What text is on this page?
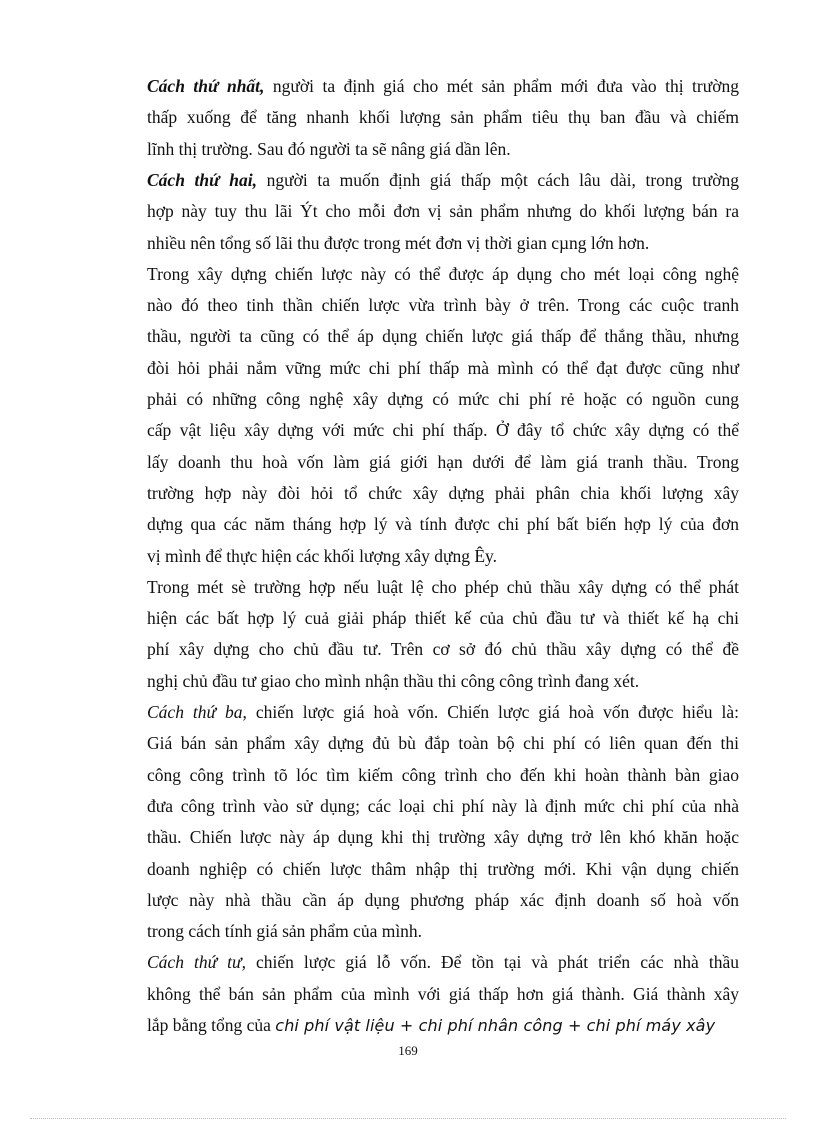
Cách thứ nhất, người ta định giá cho mét sản phẩm mới đưa vào thị trường
thấp xuống để tăng nhanh khối lượng sản phẩm tiêu thụ ban đầu và chiếm
lĩnh thị trường. Sau đó người ta sẽ nâng giá dần lên.
Cách thứ hai, người ta muốn định giá thấp một cách lâu dài, trong trường
hợp này tuy thu lãi Ýt cho mỗi đơn vị sản phẩm nhưng do khối lượng bán ra
nhiều nên tổng số lãi thu được trong mét đơn vị thời gian cµng lớn hơn.
Trong xây dựng chiến lược này có thể được áp dụng cho mét loại công nghệ
nào đó theo tinh thần chiến lược vừa trình bày ở trên. Trong các cuộc tranh
thầu, người ta cũng có thể áp dụng chiến lược giá thấp để thắng thầu, nhưng
đòi hỏi phải nắm vững mức chi phí thấp mà mình có thể đạt được cũng như
phải có những công nghệ xây dựng có mức chi phí rẻ hoặc có nguồn cung
cấp vật liệu xây dựng với mức chi phí thấp. Ở đây tổ chức xây dựng có thể
lấy doanh thu hoà vốn làm giá giới hạn dưới để làm giá tranh thầu. Trong
trường hợp này đòi hỏi tổ chức xây dựng phải phân chia khối lượng xây
dựng qua các năm tháng hợp lý và tính được chi phí bất biến hợp lý của đơn
vị mình để thực hiện các khối lượng xây dựng Êy.
Trong mét sè trường hợp nếu luật lệ cho phép chủ thầu xây dựng có thể phát
hiện các bất hợp lý cuả giải pháp thiết kế của chủ đầu tư và thiết kế hạ chi
phí xây dựng cho chủ đầu tư. Trên cơ sở đó chủ thầu xây dựng có thể đề
nghị chủ đầu tư giao cho mình nhận thầu thi công công trình đang xét.
Cách thứ ba, chiến lược giá hoà vốn. Chiến lược giá hoà vốn được hiểu là:
Giá bán sản phẩm xây dựng đủ bù đắp toàn bộ chi phí có liên quan đến thi
công công trình tõ lóc tìm kiếm công trình cho đến khi hoàn thành bàn giao
đưa công trình vào sử dụng; các loại chi phí này là định mức chi phí của nhà
thầu. Chiến lược này áp dụng khi thị trường xây dựng trở lên khó khăn hoặc
doanh nghiệp có chiến lược thâm nhập thị trường mới. Khi vận dụng chiến
lược này nhà thầu cần áp dụng phương pháp xác định doanh số hoà vốn
trong cách tính giá sản phẩm của mình.
Cách thứ tư, chiến lược giá lỗ vốn. Để tồn tại và phát triển các nhà thầu
không thể bán sản phẩm của mình với giá thấp hơn giá thành. Giá thành xây
lắp bằng tổng của chi phí vật liệu + chi phí nhân công + chi phí máy xây
169
